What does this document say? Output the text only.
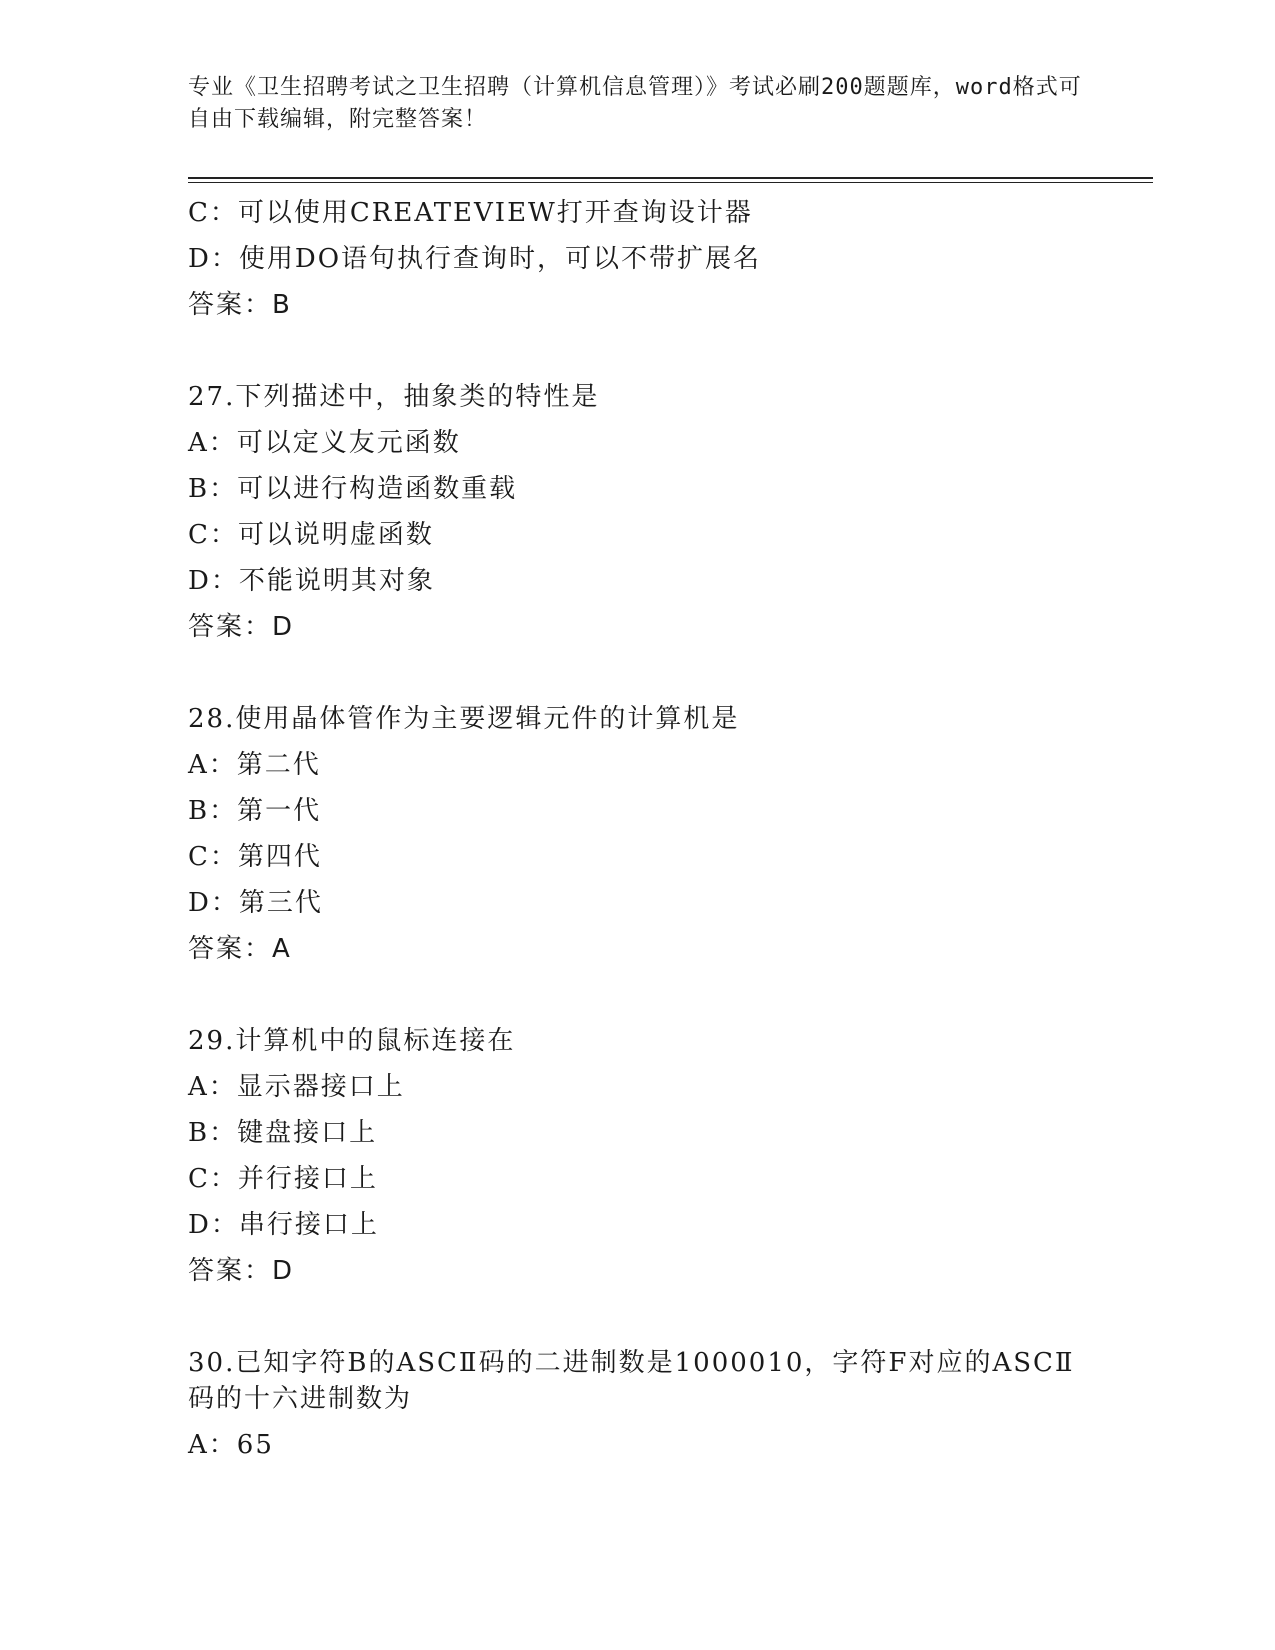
专业《卫生招聘考试之卫生招聘（计算机信息管理）》考试必刷200题题库，word格式可自由下载编辑，附完整答案！
C：可以使用CREATEVIEW打开查询设计器
D：使用DO语句执行查询时，可以不带扩展名
答案：B
27.下列描述中，抽象类的特性是
A：可以定义友元函数
B：可以进行构造函数重载
C：可以说明虚函数
D：不能说明其对象
答案：D
28.使用晶体管作为主要逻辑元件的计算机是
A：第二代
B：第一代
C：第四代
D：第三代
答案：A
29.计算机中的鼠标连接在
A：显示器接口上
B：键盘接口上
C：并行接口上
D：串行接口上
答案：D
30.已知字符B的ASCⅡ码的二进制数是1000010，字符F对应的ASCⅡ码的十六进制数为
A：65
